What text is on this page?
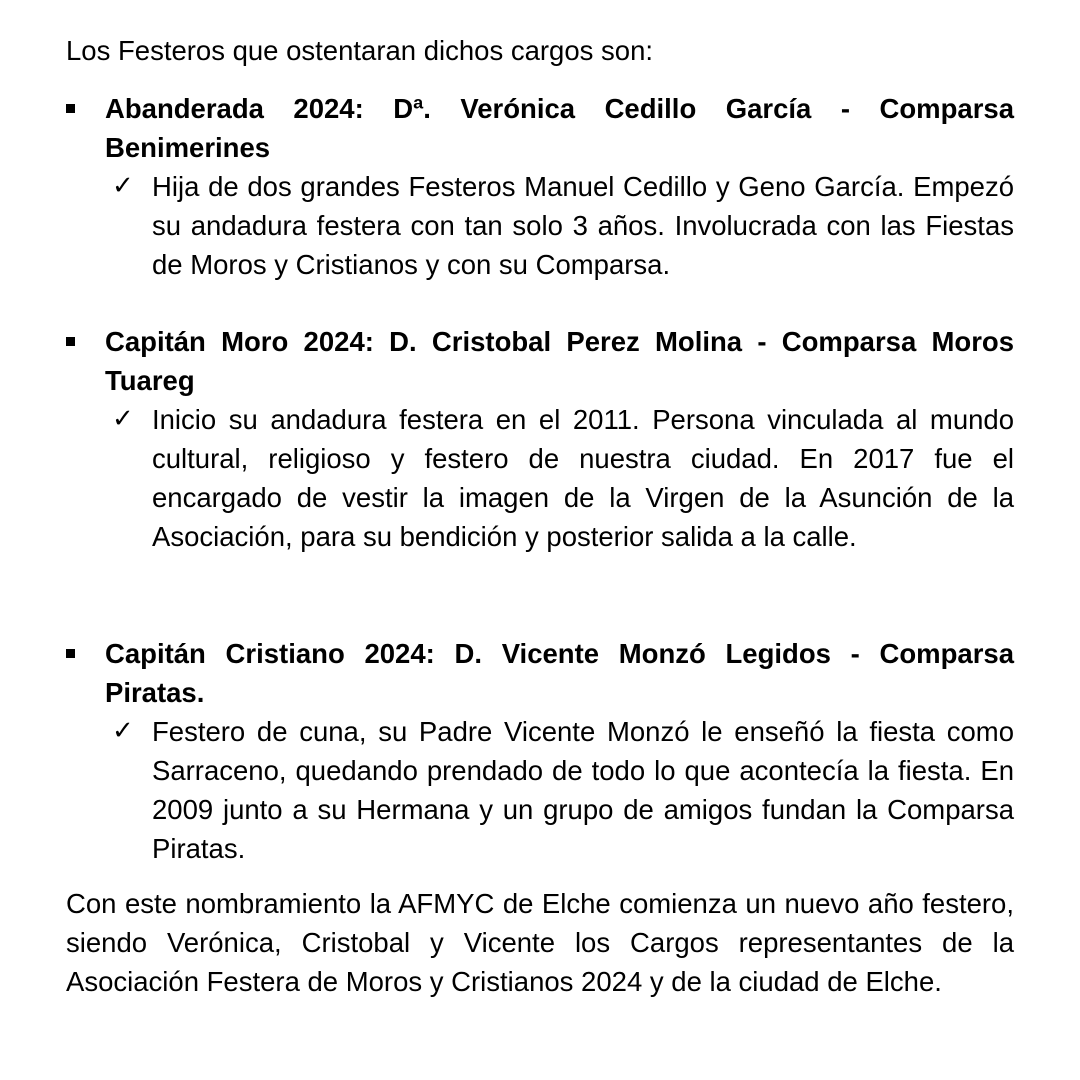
Los Festeros que ostentaran dichos cargos son:

Abanderada 2024: Dª. Verónica Cedillo García - Comparsa Benimerines

✓ Hija de dos grandes Festeros Manuel Cedillo y Geno García. Empezó su andadura festera con tan solo 3 años. Involucrada con las Fiestas de Moros y Cristianos y con su Comparsa.

Capitán Moro 2024: D. Cristobal Perez Molina - Comparsa Moros Tuareg

✓ Inicio su andadura festera en el 2011. Persona vinculada al mundo cultural, religioso y festero de nuestra ciudad. En 2017 fue el encargado de vestir la imagen de la Virgen de la Asunción de la Asociación, para su bendición y posterior salida a la calle.

Capitán Cristiano 2024: D. Vicente Monzó Legidos - Comparsa Piratas.

✓ Festero de cuna, su Padre Vicente Monzó le enseñó la fiesta como Sarraceno, quedando prendado de todo lo que acontecía la fiesta. En 2009 junto a su Hermana y un grupo de amigos fundan la Comparsa Piratas.

Con este nombramiento la AFMYC de Elche comienza un nuevo año festero, siendo Verónica, Cristobal y Vicente los Cargos representantes de la Asociación Festera de Moros y Cristianos 2024 y de la ciudad de Elche.
